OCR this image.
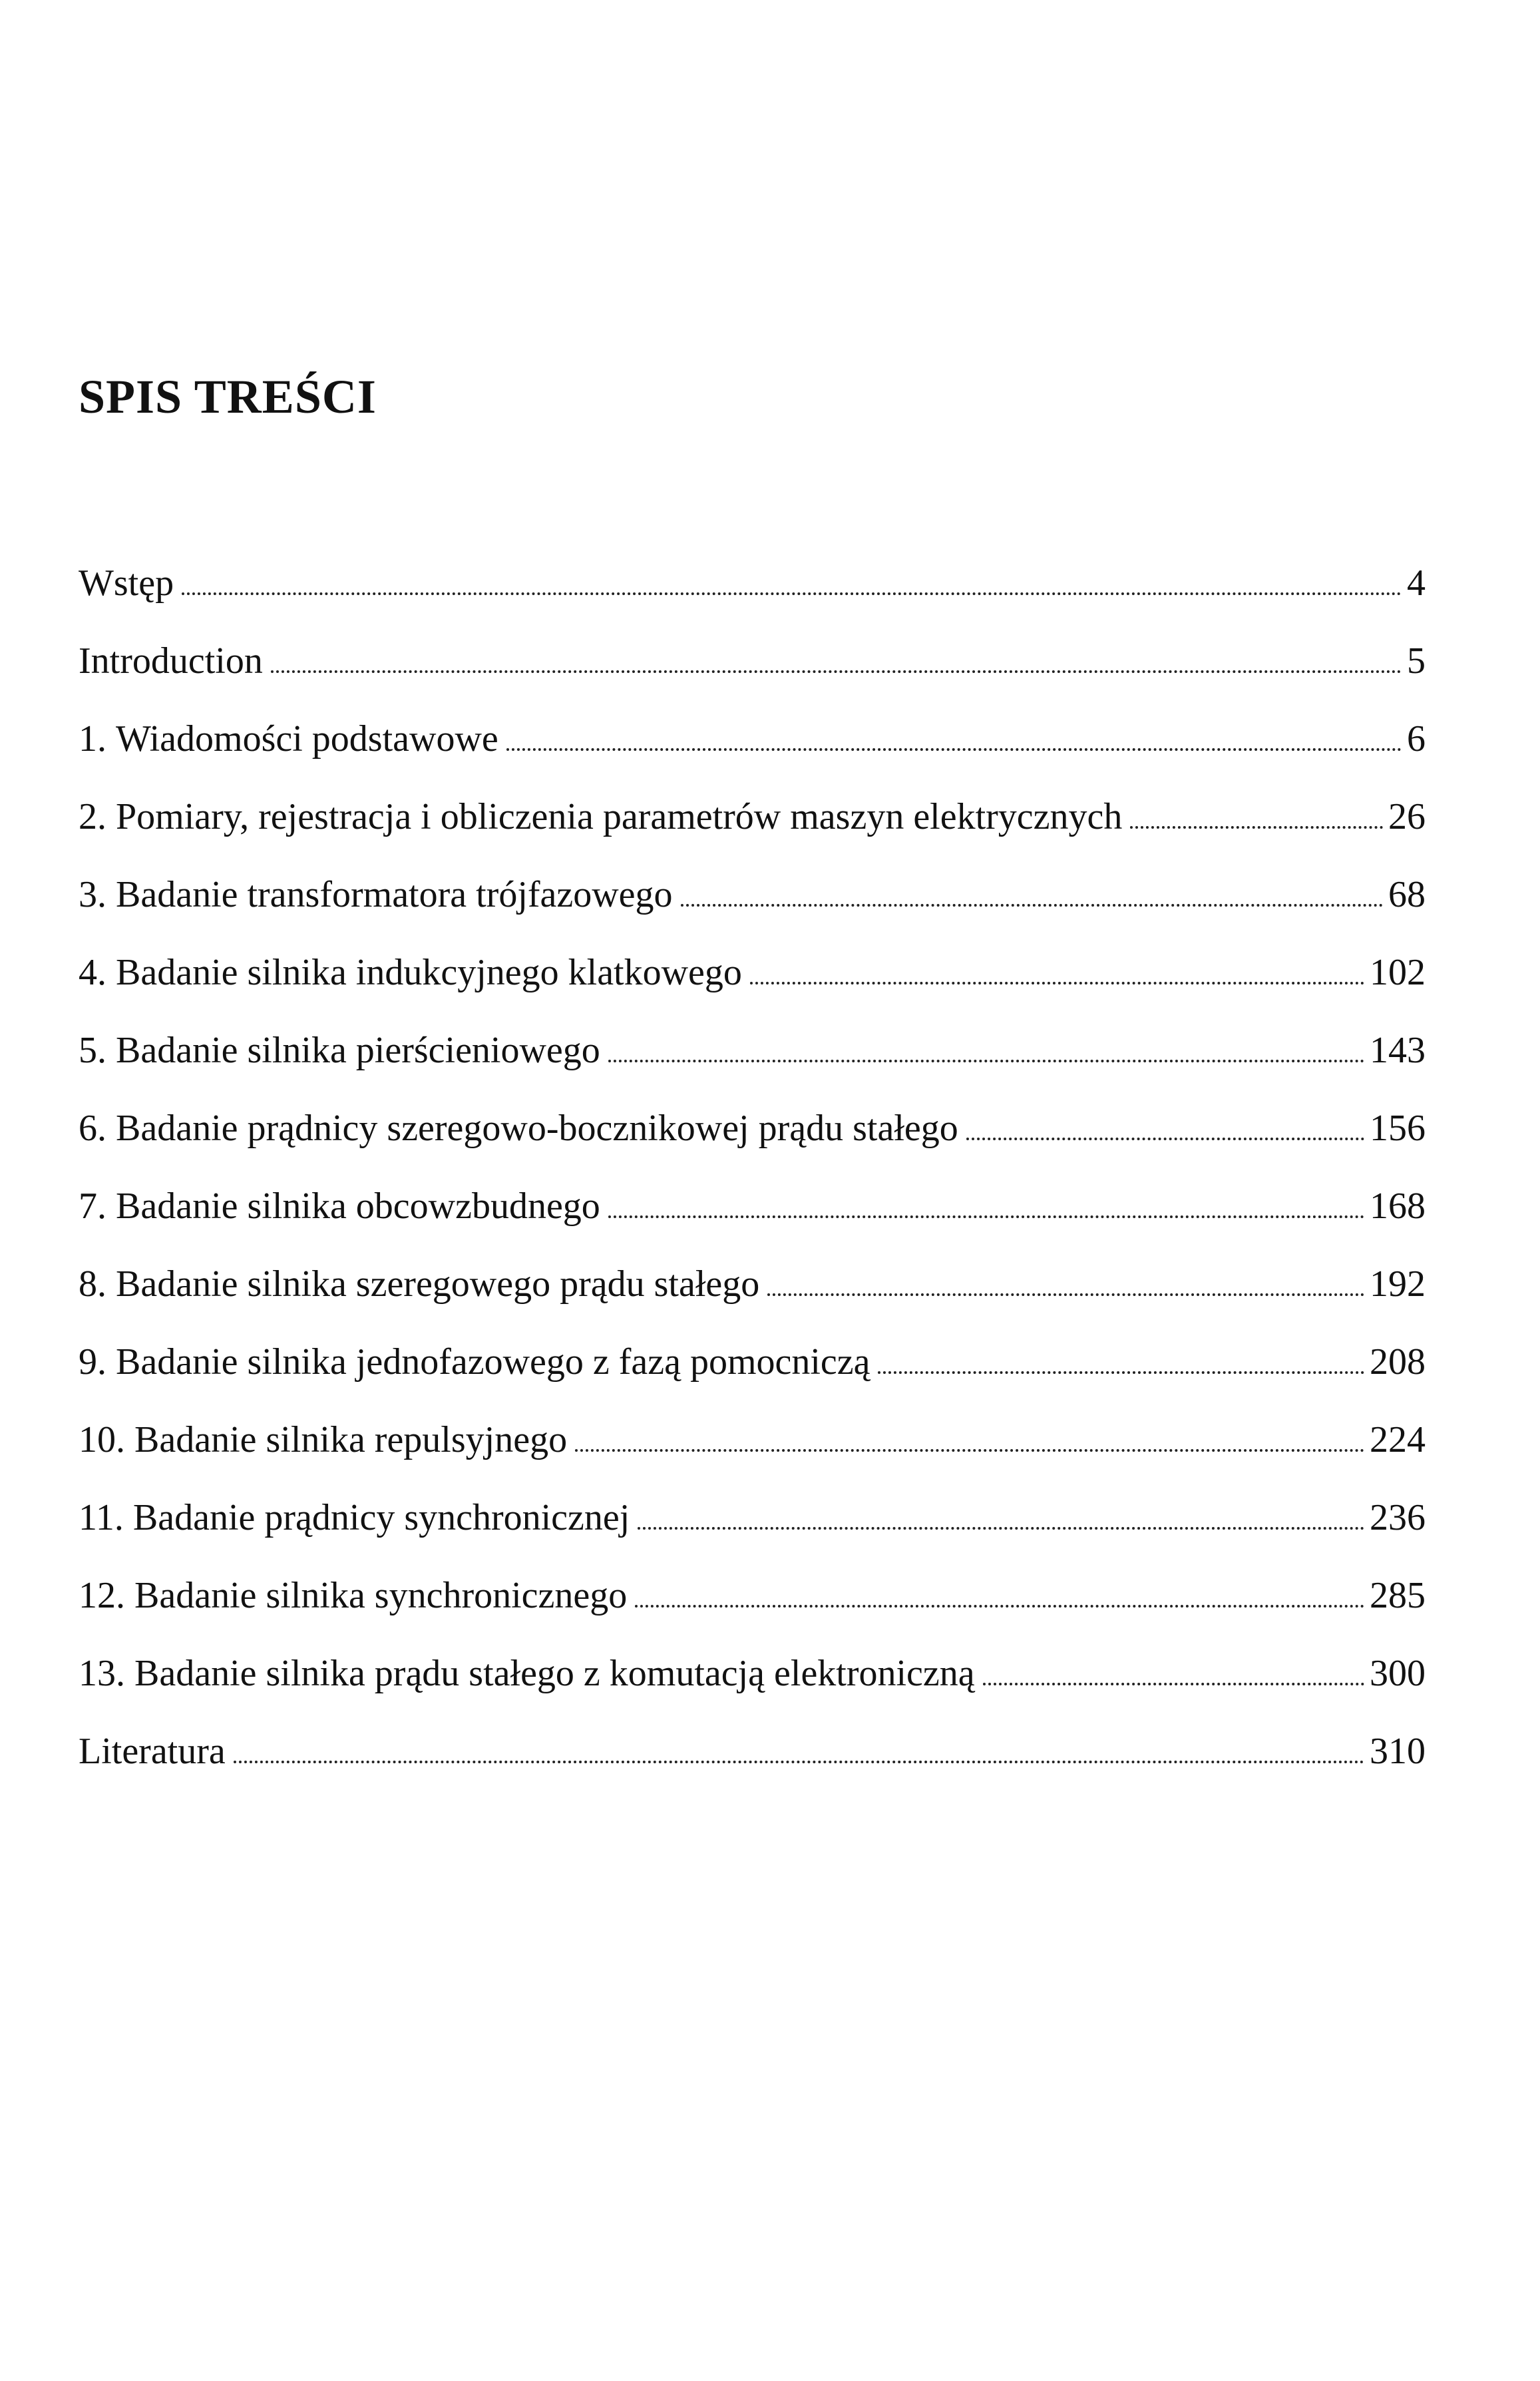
SPIS TREŚCI
Wstęp	4
Introduction	5
1. Wiadomości podstawowe	6
2. Pomiary, rejestracja i obliczenia parametrów maszyn elektrycznych	26
3. Badanie transformatora trójfazowego	68
4. Badanie silnika indukcyjnego klatkowego	102
5. Badanie silnika pierścieniowego	143
6. Badanie prądnicy szeregowo-bocznikowej prądu stałego	156
7. Badanie silnika obcowzbudnego	168
8. Badanie silnika szeregowego prądu stałego	192
9. Badanie silnika jednofazowego z fazą pomocniczą	208
10. Badanie silnika repulsyjnego	224
11. Badanie prądnicy synchronicznej	236
12. Badanie silnika synchronicznego	285
13. Badanie silnika prądu stałego z komutacją elektroniczną	300
Literatura	310
